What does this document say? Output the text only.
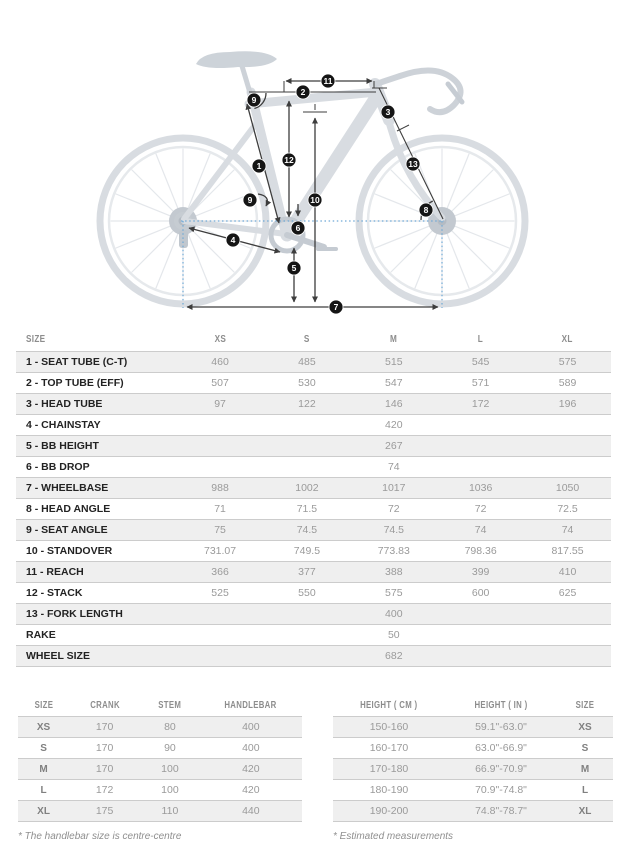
1
2
3
4
5
6
7
8
9
9	10
11
12	13
SIZE	XS	S	M	L	XL
1 - SEAT TUBE (C-T)	460	485	515	545	575
2 - TOP TUBE (EFF)	507	530	547	571	589
3 - HEAD TUBE	97	122	146	172	196
4 - CHAINSTAY	420				
5 - BB HEIGHT	267				
6 - BB DROP	74				
7 - WHEELBASE	988	1002	1017	1036	1050
8 - HEAD ANGLE	71	71.5	72	72	72.5
9 - SEAT ANGLE	75	74.5	74.5	74	74
10 - STANDOVER	731.07	749.5	773.83	798.36	817.55
11 - REACH	366	377	388	399	410
12 - STACK	525	550	575	600	625
13 - FORK LENGTH	400				
RAKE	50				
WHEEL SIZE	682				
SIZE	CRANK	STEM	HANDLEBAR
XS	170	80	400
S	170	90	400
M	170	100	420
L	172	100	420
XL	175	110	440
* The handlebar size is centre-centre
HEIGHT ( CM )	HEIGHT ( IN )	SIZE
150-160	59.1"-63.0"	XS
160-170	63.0"-66.9"	S
170-180	66.9"-70.9"	M
180-190	70.9"-74.8"	L
190-200	74.8"-78.7"	XL
* Estimated measurements
